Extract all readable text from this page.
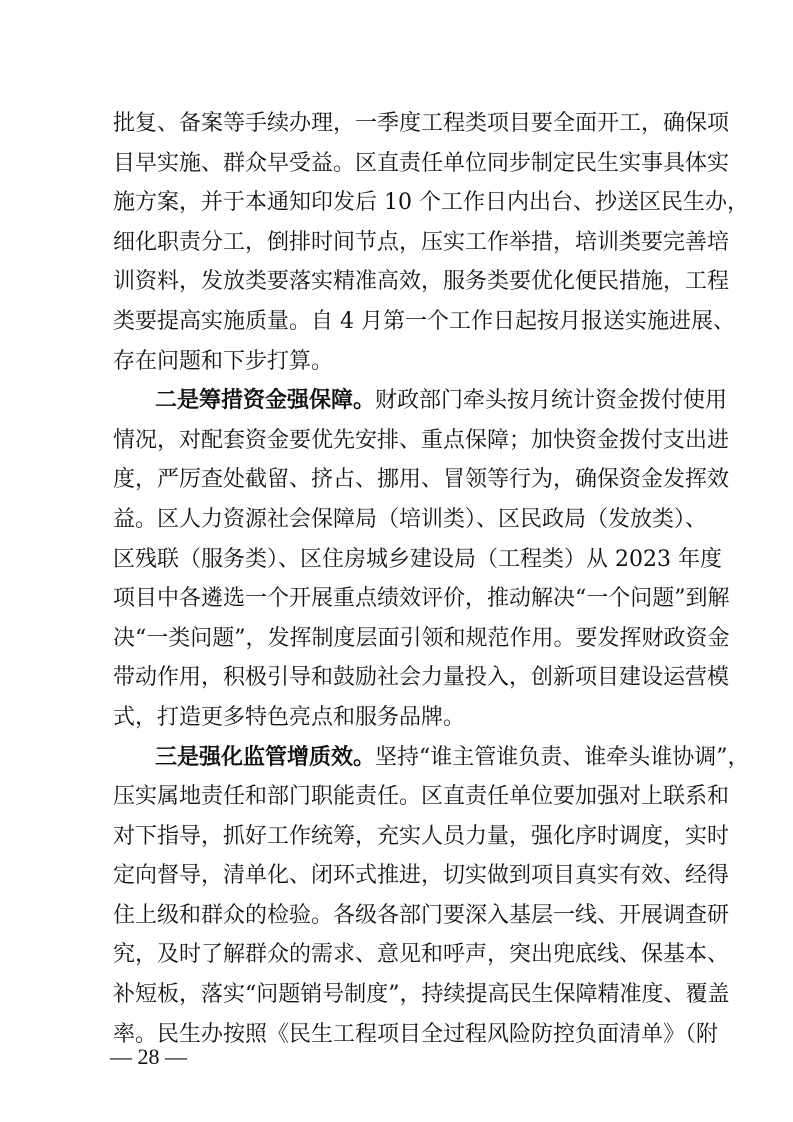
批复、备案等手续办理，一季度工程类项目要全面开工，确保项
目早实施、群众早受益。区直责任单位同步制定民生实事具体实
施方案，并于本通知印发后 10 个工作日内出台、抄送区民生办，
细化职责分工，倒排时间节点，压实工作举措，培训类要完善培
训资料，发放类要落实精准高效，服务类要优化便民措施，工程
类要提高实施质量。自 4 月第一个工作日起按月报送实施进展、
存在问题和下步打算。
二是筹措资金强保障。财政部门牵头按月统计资金拨付使用
情况，对配套资金要优先安排、重点保障；加快资金拨付支出进
度，严厉查处截留、挤占、挪用、冒领等行为，确保资金发挥效
益。区人力资源社会保障局（培训类）、区民政局（发放类）、
区残联（服务类）、区住房城乡建设局（工程类）从 2023 年度
项目中各遴选一个开展重点绩效评价，推动解决“一个问题”到解
决“一类问题”，发挥制度层面引领和规范作用。要发挥财政资金
带动作用，积极引导和鼓励社会力量投入，创新项目建设运营模
式，打造更多特色亮点和服务品牌。
三是强化监管增质效。坚持“谁主管谁负责、谁牵头谁协调”，
压实属地责任和部门职能责任。区直责任单位要加强对上联系和
对下指导，抓好工作统筹，充实人员力量，强化序时调度，实时
定向督导，清单化、闭环式推进，切实做到项目真实有效、经得
住上级和群众的检验。各级各部门要深入基层一线、开展调查研
究，及时了解群众的需求、意见和呼声，突出兜底线、保基本、
补短板，落实“问题销号制度”，持续提高民生保障精准度、覆盖
率。民生办按照《民生工程项目全过程风险防控负面清单》（附
— 28 —
